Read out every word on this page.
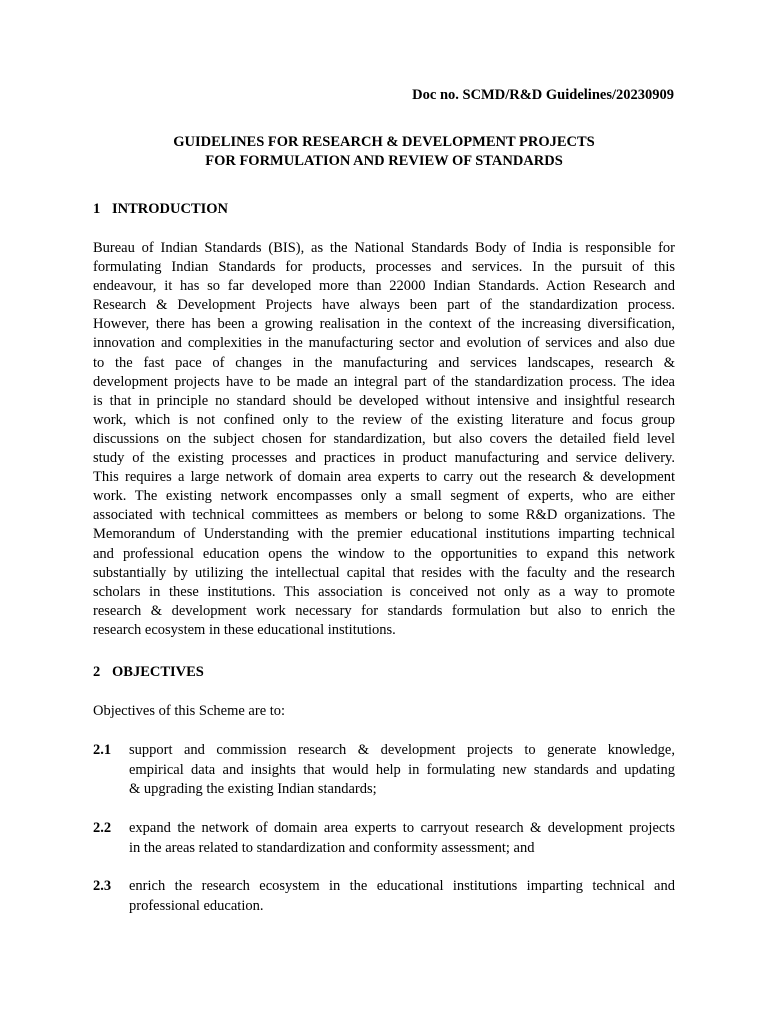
Doc no. SCMD/R&D Guidelines/20230909
GUIDELINES FOR RESEARCH & DEVELOPMENT PROJECTS
FOR FORMULATION AND REVIEW OF STANDARDS
1 INTRODUCTION
Bureau of Indian Standards (BIS), as the National Standards Body of India is responsible for
formulating Indian Standards for products, processes and services. In the pursuit of this
endeavour, it has so far developed more than 22000 Indian Standards. Action Research and
Research & Development Projects have always been part of the standardization process.
However, there has been a growing realisation in the context of the increasing diversification,
innovation and complexities in the manufacturing sector and evolution of services and also due
to the fast pace of changes in the manufacturing and services landscapes, research &
development projects have to be made an integral part of the standardization process. The idea
is that in principle no standard should be developed without intensive and insightful research
work, which is not confined only to the review of the existing literature and focus group
discussions on the subject chosen for standardization, but also covers the detailed field level
study of the existing processes and practices in product manufacturing and service delivery.
This requires a large network of domain area experts to carry out the research & development
work. The existing network encompasses only a small segment of experts, who are either
associated with technical committees as members or belong to some R&D organizations. The
Memorandum of Understanding with the premier educational institutions imparting technical
and professional education opens the window to the opportunities to expand this network
substantially by utilizing the intellectual capital that resides with the faculty and the research
scholars in these institutions. This association is conceived not only as a way to promote
research & development work necessary for standards formulation but also to enrich the
research ecosystem in these educational institutions.
2 OBJECTIVES
Objectives of this Scheme are to:
2.1 support and commission research & development projects to generate knowledge,
empirical data and insights that would help in formulating new standards and updating
& upgrading the existing Indian standards;
2.2 expand the network of domain area experts to carryout research & development projects
in the areas related to standardization and conformity assessment; and
2.3 enrich the research ecosystem in the educational institutions imparting technical and
professional education.
